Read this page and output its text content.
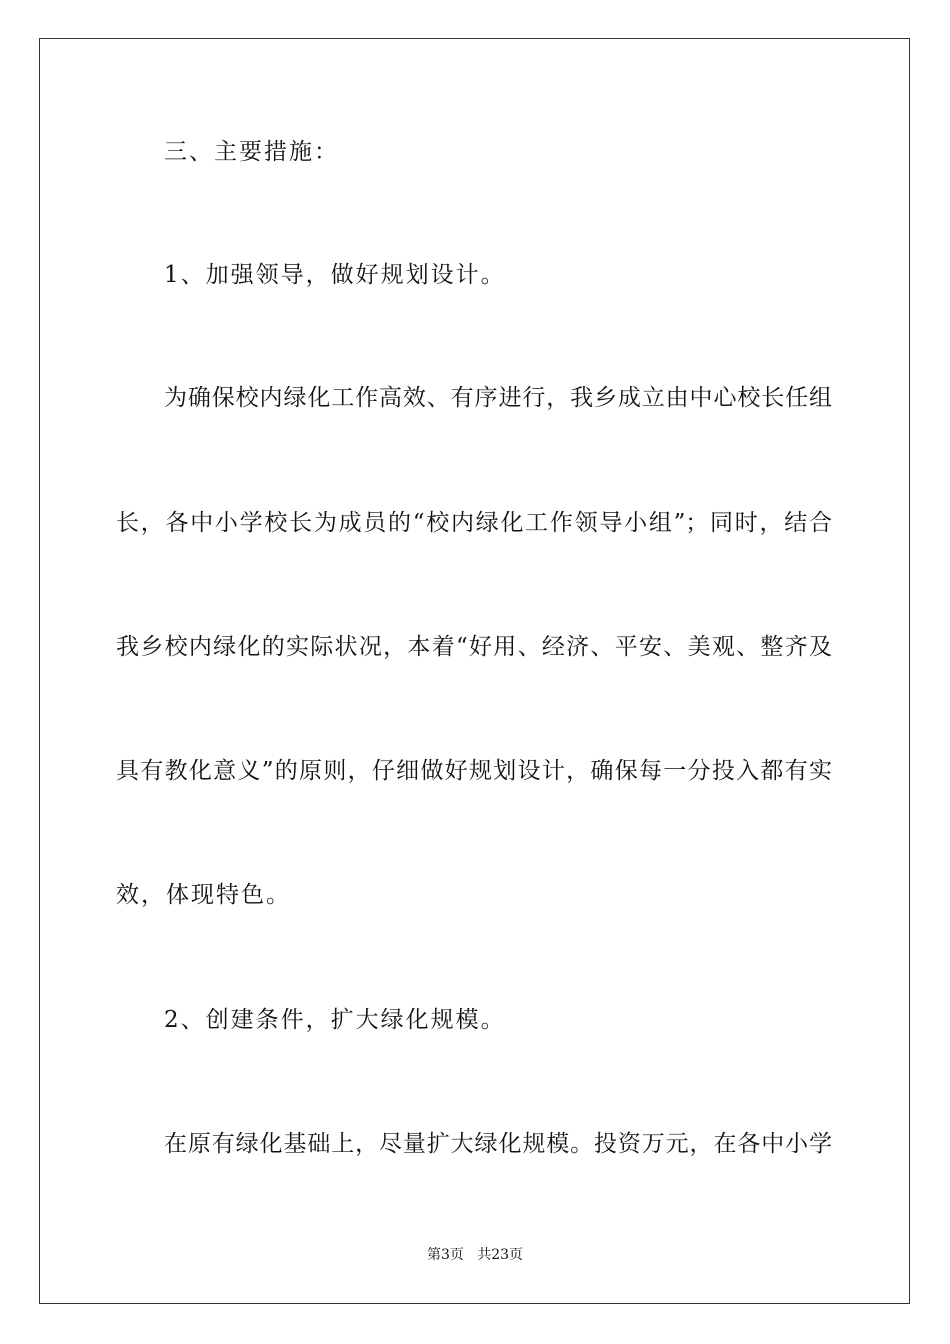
三、主要措施：
1、加强领导，做好规划设计。
为确保校内绿化工作高效、有序进行，我乡成立由中心校长任组
长，各中小学校长为成员的“校内绿化工作领导小组”；同时，结合
我乡校内绿化的实际状况，本着“好用、经济、平安、美观、整齐及
具有教化意义”的原则，仔细做好规划设计，确保每一分投入都有实
效，体现特色。
2、创建条件，扩大绿化规模。
在原有绿化基础上，尽量扩大绿化规模。投资万元，在各中小学
第3页   共23页
